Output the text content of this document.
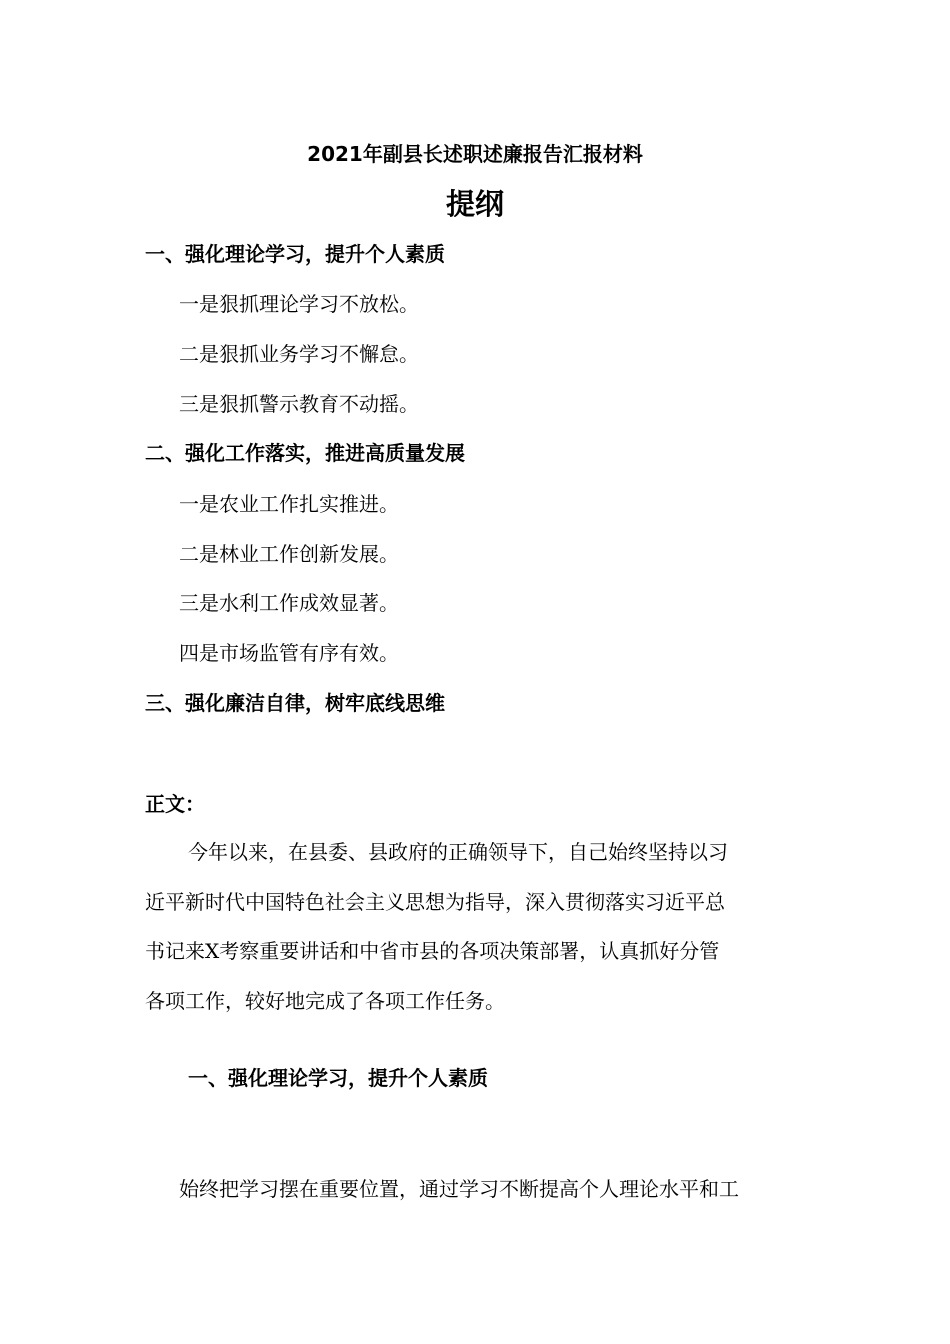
2021年副县长述职述廉报告汇报材料
提纲
一、强化理论学习，提升个人素质
一是狠抓理论学习不放松。
二是狠抓业务学习不懈怠。
三是狠抓警示教育不动摇。
二、强化工作落实，推进高质量发展
一是农业工作扎实推进。
二是林业工作创新发展。
三是水利工作成效显著。
四是市场监管有序有效。
三、强化廉洁自律，树牢底线思维
正文：
今年以来，在县委、县政府的正确领导下，自己始终坚持以习
近平新时代中国特色社会主义思想为指导，深入贯彻落实习近平总
书记来X考察重要讲话和中省市县的各项决策部署，认真抓好分管
各项工作，较好地完成了各项工作任务。
一、强化理论学习，提升个人素质
始终把学习摆在重要位置，通过学习不断提高个人理论水平和工
